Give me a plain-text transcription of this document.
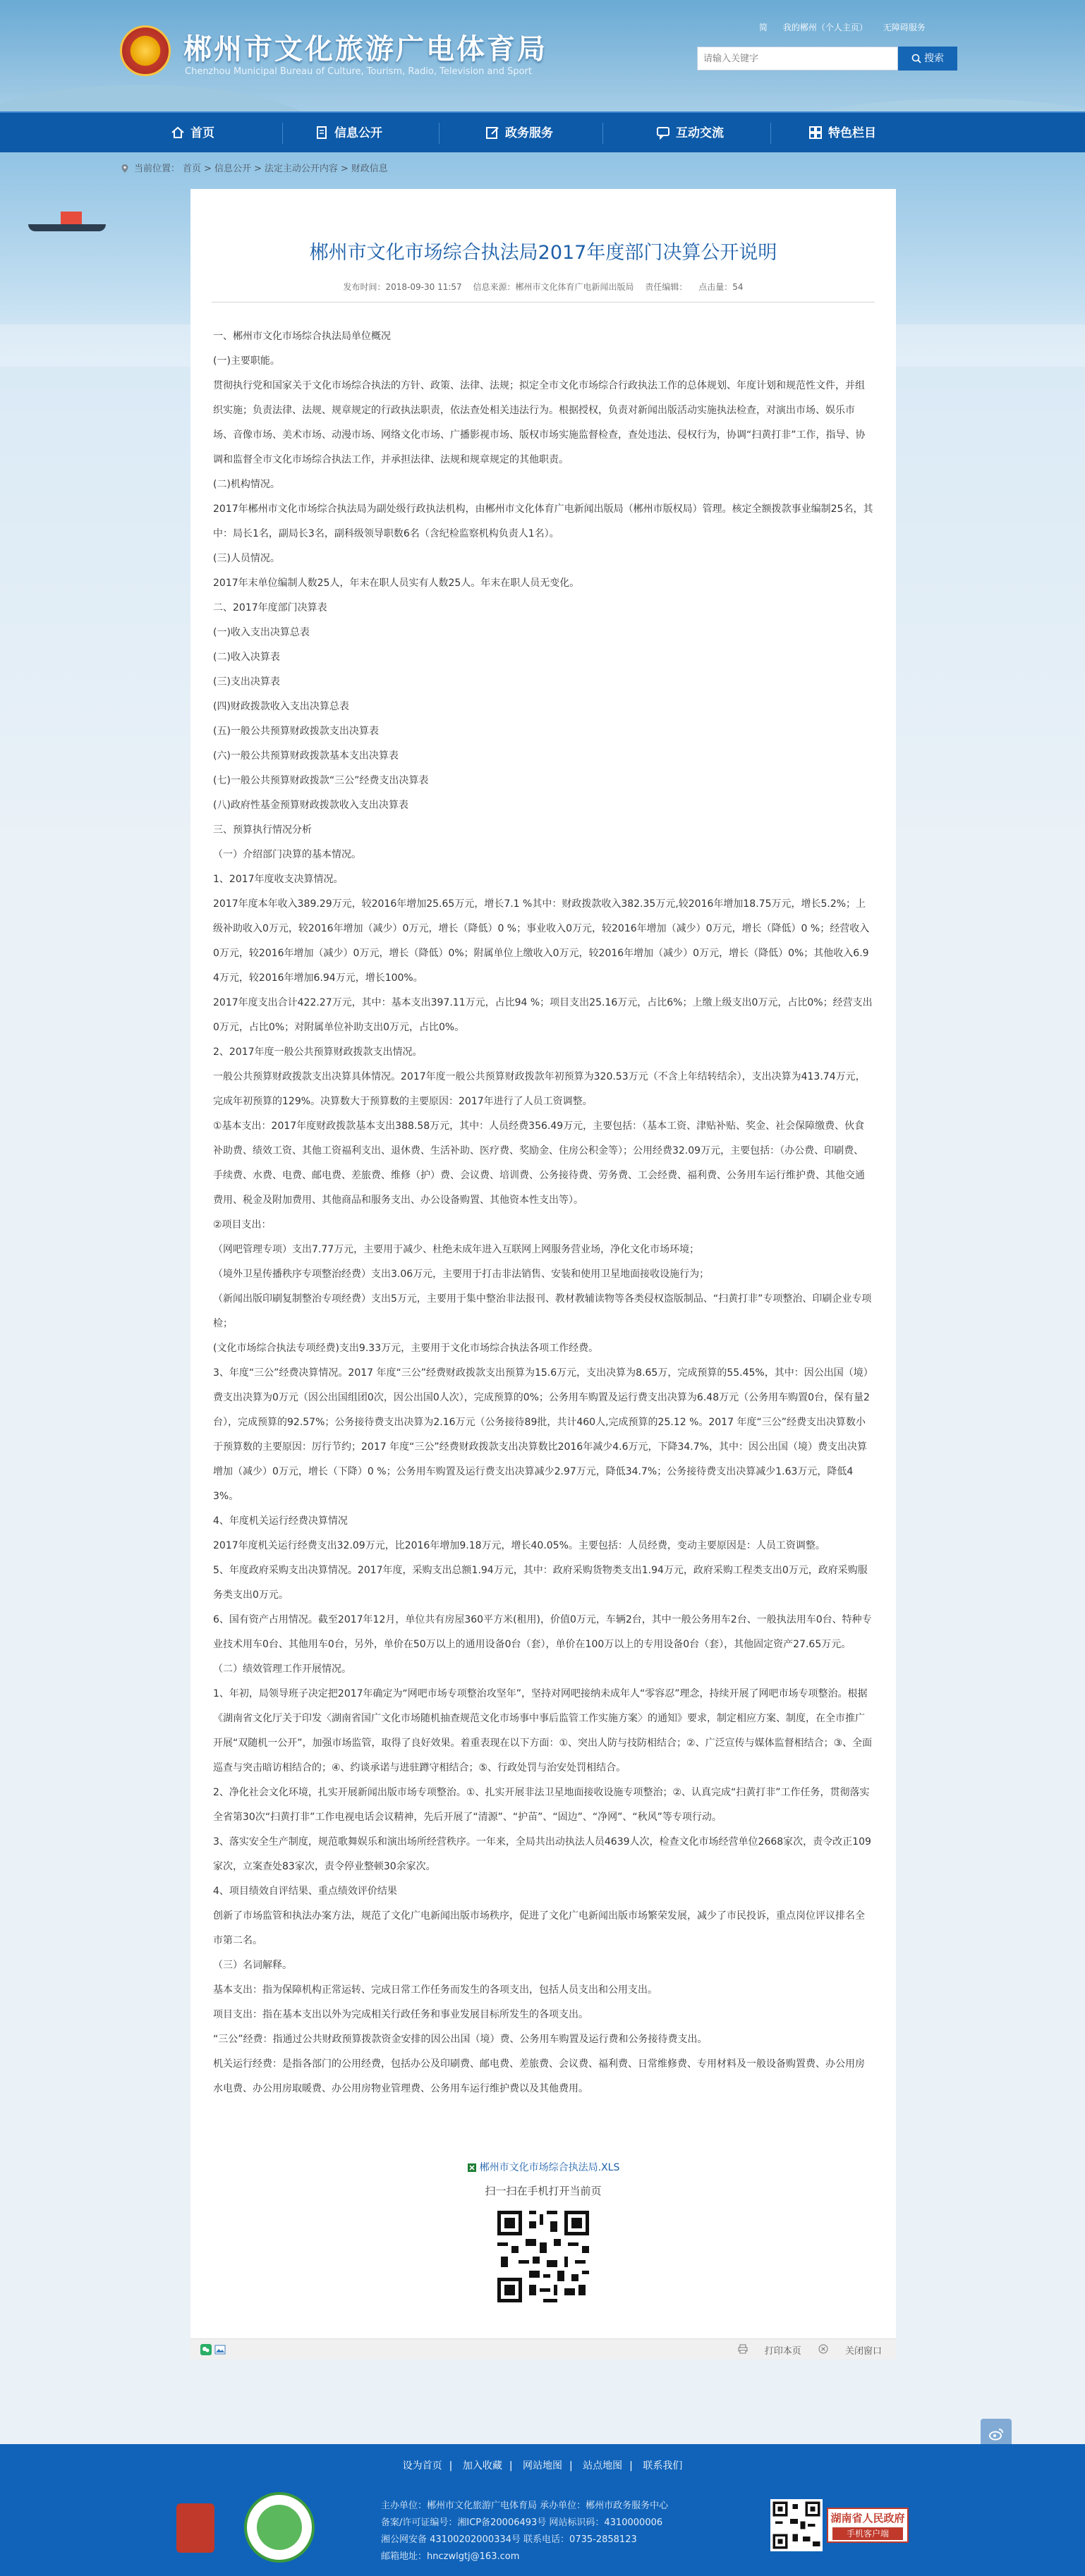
郴州市文化旅游广电体育局
Chenzhou Municipal Bureau of Culture, Tourism, Radio, Television and Sport
简 我的郴州（个人主页） 无障碍服务
请输入关键字
搜索
首页	信息公开	政务服务	互动交流	特色栏目
当前位置： 首页 > 信息公开 > 法定主动公开内容 > 财政信息
郴州市文化市场综合执法局2017年度部门决算公开说明
发布时间：2018-09-30 11:57 信息来源：郴州市文化体育广电新闻出版局 责任编辑： 点击量：54

一、郴州市文化市场综合执法局单位概况

(一)主要职能。

贯彻执行党和国家关于文化市场综合执法的方针、政策、法律、法规；拟定全市文化市场综合行政执法工作的总体规划、年度计划和规范性文件，并组织实施；负责法律、法规、规章规定的行政执法职责，依法查处相关违法行为。根据授权，负责对新闻出版活动实施执法检查，对演出市场、娱乐市场、音像市场、美术市场、动漫市场、网络文化市场、广播影视市场、版权市场实施监督检查，查处违法、侵权行为，协调“扫黄打非”工作，指导、协调和监督全市文化市场综合执法工作，并承担法律、法规和规章规定的其他职责。

(二)机构情况。

2017年郴州市文化市场综合执法局为副处级行政执法机构，由郴州市文化体育广电新闻出版局（郴州市版权局）管理。核定全额拨款事业编制25名，其中：局长1名，副局长3名，副科级领导职数6名（含纪检监察机构负责人1名）。

(三)人员情况。

2017年末单位编制人数25人，年末在职人员实有人数25人。年末在职人员无变化。

二、2017年度部门决算表

(一)收入支出决算总表

(二)收入决算表

(三)支出决算表

(四)财政拨款收入支出决算总表

(五)一般公共预算财政拨款支出决算表

(六)一般公共预算财政拨款基本支出决算表

(七)一般公共预算财政拨款“三公”经费支出决算表

(八)政府性基金预算财政拨款收入支出决算表

三、预算执行情况分析

（一）介绍部门决算的基本情况。

1、2017年度收支决算情况。

2017年度本年收入389.29万元，较2016年增加25.65万元，增长7.1 %其中：财政拨款收入382.35万元,较2016年增加18.75万元，增长5.2%；上级补助收入0万元，较2016年增加（减少）0万元，增长（降低）0 %；事业收入0万元，较2016年增加（减少）0万元，增长（降低）0 %；经营收入0万元，较2016年增加（减少）0万元，增长（降低）0%；附属单位上缴收入0万元，较2016年增加（减少）0万元，增长（降低）0%；其他收入6.94万元，较2016年增加6.94万元，增长100%。

2017年度支出合计422.27万元，其中：基本支出397.11万元，占比94 %；项目支出25.16万元，占比6%；上缴上级支出0万元，占比0%；经营支出0万元，占比0%；对附属单位补助支出0万元，占比0%。

2、2017年度一般公共预算财政拨款支出情况。

一般公共预算财政拨款支出决算具体情况。2017年度一般公共预算财政拨款年初预算为320.53万元（不含上年结转结余），支出决算为413.74万元，完成年初预算的129%。决算数大于预算数的主要原因：2017年进行了人员工资调整。

①基本支出：2017年度财政拨款基本支出388.58万元，其中：人员经费356.49万元，主要包括：（基本工资、津贴补贴、奖金、社会保障缴费、伙食补助费、绩效工资、其他工资福利支出、退休费、生活补助、医疗费、奖励金、住房公积金等）；公用经费32.09万元，主要包括：（办公费、印刷费、手续费、水费、电费、邮电费、差旅费、维修（护）费、会议费、培训费、公务接待费、劳务费、工会经费、福利费、公务用车运行维护费、其他交通费用、税金及附加费用、其他商品和服务支出、办公设备购置、其他资本性支出等）。

②项目支出：

（网吧管理专项）支出7.77万元，主要用于减少、杜绝未成年进入互联网上网服务营业场，净化文化市场环境；

（境外卫星传播秩序专项整治经费）支出3.06万元，主要用于打击非法销售、安装和使用卫星地面接收设施行为；

（新闻出版印刷复制整治专项经费）支出5万元，主要用于集中整治非法报刊、教材教辅读物等各类侵权盗版制品、“扫黄打非”专项整治、印刷企业专项检；

(文化市场综合执法专项经费)支出9.33万元，主要用于文化市场综合执法各项工作经费。

3、年度“三公”经费决算情况。2017 年度“三公”经费财政拨款支出预算为15.6万元，支出决算为8.65万，完成预算的55.45%，其中：因公出国（境）费支出决算为0万元（因公出国组团0次，因公出国0人次），完成预算的0%；公务用车购置及运行费支出决算为6.48万元（公务用车购置0台，保有量2台），完成预算的92.57%；公务接待费支出决算为2.16万元（公务接待89批，共计460人,完成预算的25.12 %。2017 年度“三公”经费支出决算数小于预算数的主要原因：厉行节约；2017 年度“三公”经费财政拨款支出决算数比2016年减少4.6万元，下降34.7%，其中：因公出国（境）费支出决算增加（减少）0万元，增长（下降）0 %；公务用车购置及运行费支出决算减少2.97万元，降低34.7%；公务接待费支出决算减少1.63万元，降低43%。

4、年度机关运行经费决算情况

2017年度机关运行经费支出32.09万元，比2016年增加9.18万元，增长40.05%。主要包括：人员经费，变动主要原因是：人员工资调整。

5、年度政府采购支出决算情况。2017年度，采购支出总额1.94万元，其中：政府采购货物类支出1.94万元，政府采购工程类支出0万元，政府采购服务类支出0万元。

6、国有资产占用情况。截至2017年12月，单位共有房屋360平方米(租用)，价值0万元，车辆2台，其中一般公务用车2台、一般执法用车0台、特种专业技术用车0台、其他用车0台，另外，单价在50万以上的通用设备0台（套），单价在100万以上的专用设备0台（套），其他固定资产27.65万元。

（二）绩效管理工作开展情况。

1、年初，局领导班子决定把2017年确定为“网吧市场专项整治攻坚年”，坚持对网吧接纳未成年人“零容忍”理念，持续开展了网吧市场专项整治。根据《湖南省文化厅关于印发〈湖南省国广文化市场随机抽查规范文化市场事中事后监管工作实施方案〉的通知》要求，制定相应方案、制度，在全市推广开展“双随机一公开”，加强市场监管，取得了良好效果。着重表现在以下方面：①、突出人防与技防相结合；②、广泛宣传与媒体监督相结合；③、全面巡查与突击暗访相结合的；④、约谈承诺与进驻蹲守相结合；⑤、行政处罚与治安处罚相结合。

2、净化社会文化环境，扎实开展新闻出版市场专项整治。①、扎实开展非法卫星地面接收设施专项整治；②、认真完成“扫黄打非”工作任务，贯彻落实全省第30次“扫黄打非”工作电视电话会议精神，先后开展了“清源”、“护苗”、“固边”、“净网”、“秋风”等专项行动。

3、落实安全生产制度，规范歌舞娱乐和演出场所经营秩序。一年来，全局共出动执法人员4639人次，检查文化市场经营单位2668家次，责令改正109家次，立案查处83家次，责令停业整顿30余家次。

4、项目绩效自评结果、重点绩效评价结果

创新了市场监管和执法办案方法，规范了文化广电新闻出版市场秩序，促进了文化广电新闻出版市场繁荣发展，减少了市民投诉，重点岗位评议排名全市第二名。

（三）名词解释。

基本支出：指为保障机构正常运转、完成日常工作任务而发生的各项支出，包括人员支出和公用支出。

项目支出：指在基本支出以外为完成相关行政任务和事业发展目标所发生的各项支出。

“三公”经费：指通过公共财政预算拨款资金安排的因公出国（境）费、公务用车购置及运行费和公务接待费支出。

机关运行经费：是指各部门的公用经费，包括办公及印刷费、邮电费、差旅费、会议费、福利费、日常维修费、专用材料及一般设备购置费、办公用房水电费、办公用房取暖费、办公用房物业管理费、公务用车运行维护费以及其他费用。

郴州市文化市场综合执法局.XLS
扫一扫在手机打开当前页

打印本页	关闭窗口
设为首页 | 加入收藏 | 网站地图 | 站点地图 | 联系我们
主办单位：郴州市文化旅游广电体育局 承办单位：郴州市政务服务中心
备案/许可证编号：湘ICP备20006493号 网站标识码：4310000006
湘公网安备 43100202000334号 联系电话：0735-2858123
邮箱地址：hnczwlgtj@163.com
湖南省人民政府
手机客户端
